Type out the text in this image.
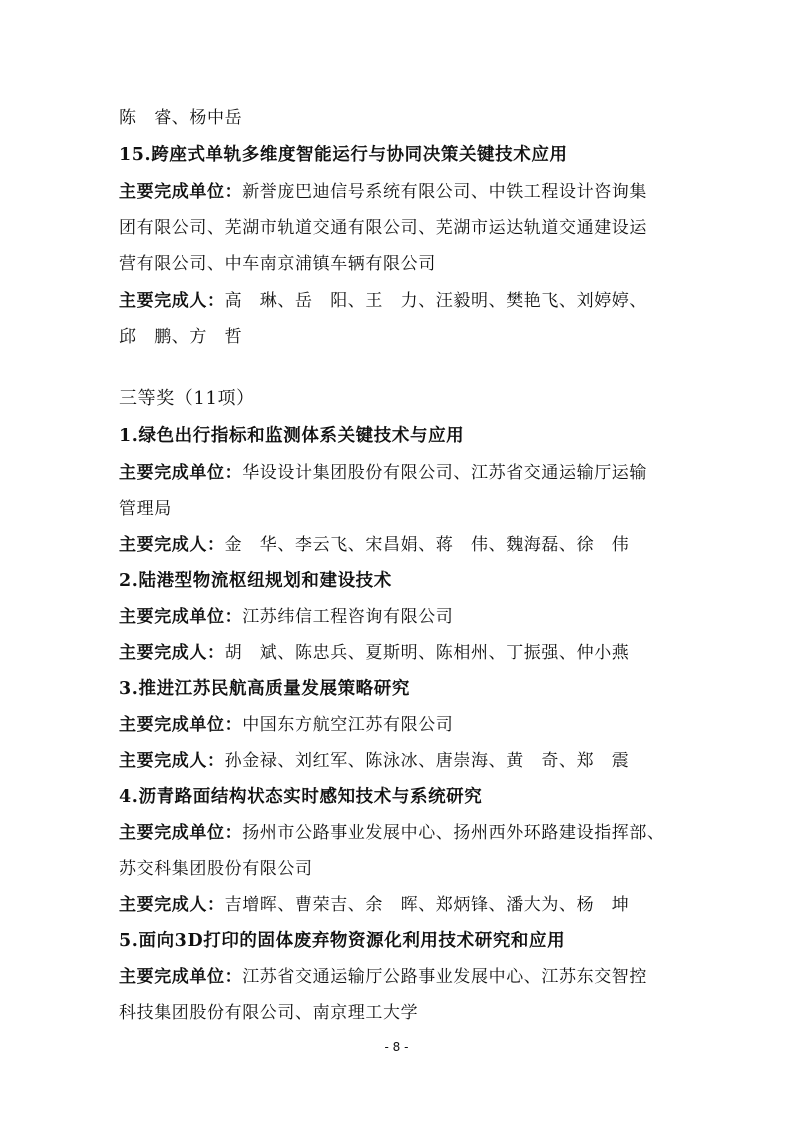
陈　睿、杨中岳
15.跨座式单轨多维度智能运行与协同决策关键技术应用
主要完成单位：新誉庞巴迪信号系统有限公司、中铁工程设计咨询集
团有限公司、芜湖市轨道交通有限公司、芜湖市运达轨道交通建设运
营有限公司、中车南京浦镇车辆有限公司
主要完成人：高　琳、岳　阳、王　力、汪毅明、樊艳飞、刘婷婷、
邱　鹏、方　哲
三等奖（11项）
1.绿色出行指标和监测体系关键技术与应用
主要完成单位：华设设计集团股份有限公司、江苏省交通运输厅运输
管理局
主要完成人：金　华、李云飞、宋昌娟、蒋　伟、魏海磊、徐　伟
2.陆港型物流枢纽规划和建设技术
主要完成单位：江苏纬信工程咨询有限公司
主要完成人：胡　斌、陈忠兵、夏斯明、陈相州、丁振强、仲小燕
3.推进江苏民航高质量发展策略研究
主要完成单位：中国东方航空江苏有限公司
主要完成人：孙金禄、刘红军、陈泳冰、唐崇海、黄　奇、郑　震
4.沥青路面结构状态实时感知技术与系统研究
主要完成单位：扬州市公路事业发展中心、扬州西外环路建设指挥部、
苏交科集团股份有限公司
主要完成人：吉增晖、曹荣吉、余　晖、郑炳锋、潘大为、杨　坤
5.面向3D打印的固体废弃物资源化利用技术研究和应用
主要完成单位：江苏省交通运输厅公路事业发展中心、江苏东交智控
科技集团股份有限公司、南京理工大学
- 8 -
